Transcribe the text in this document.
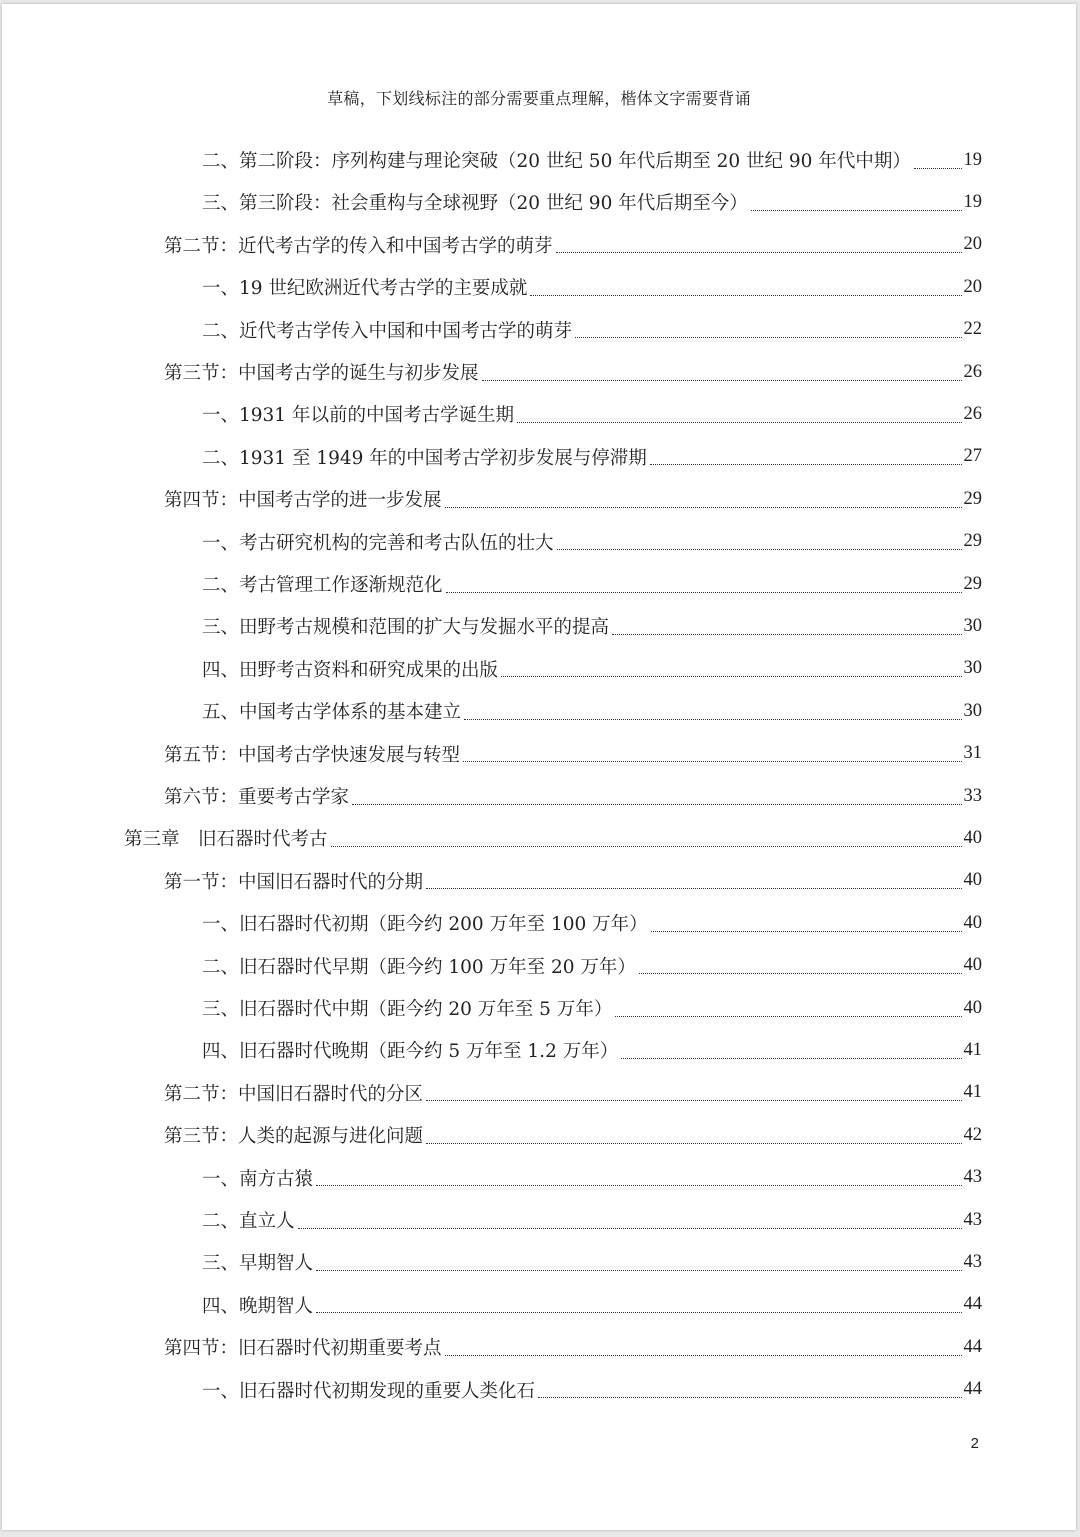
草稿，下划线标注的部分需要重点理解，楷体文字需要背诵
二、第二阶段：序列构建与理论突破（20 世纪 50 年代后期至 20 世纪 90 年代中期）	19
三、第三阶段：社会重构与全球视野（20 世纪 90 年代后期至今）	19
第二节：近代考古学的传入和中国考古学的萌芽	20
一、19 世纪欧洲近代考古学的主要成就	20
二、近代考古学传入中国和中国考古学的萌芽	22
第三节：中国考古学的诞生与初步发展	26
一、1931 年以前的中国考古学诞生期	26
二、1931 至 1949 年的中国考古学初步发展与停滞期	27
第四节：中国考古学的进一步发展	29
一、考古研究机构的完善和考古队伍的壮大	29
二、考古管理工作逐渐规范化	29
三、田野考古规模和范围的扩大与发掘水平的提高	30
四、田野考古资料和研究成果的出版	30
五、中国考古学体系的基本建立	30
第五节：中国考古学快速发展与转型	31
第六节：重要考古学家	33
第三章　旧石器时代考古	40
第一节：中国旧石器时代的分期	40
一、旧石器时代初期（距今约 200 万年至 100 万年）	40
二、旧石器时代早期（距今约 100 万年至 20 万年）	40
三、旧石器时代中期（距今约 20 万年至 5 万年）	40
四、旧石器时代晚期（距今约 5 万年至 1.2 万年）	41
第二节：中国旧石器时代的分区	41
第三节：人类的起源与进化问题	42
一、南方古猿	43
二、直立人	43
三、早期智人	43
四、晚期智人	44
第四节：旧石器时代初期重要考点	44
一、旧石器时代初期发现的重要人类化石	44
2
